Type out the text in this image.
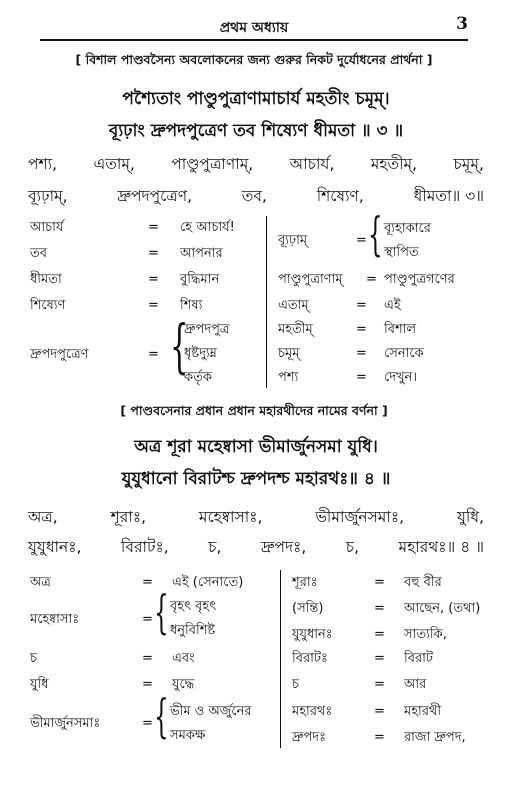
প্রথম অধ্যায়	3
[ বিশাল পাণ্ডবসৈন্য অবলোকনের জন্য গুরুর নিকট দুর্যোধনের প্রার্থনা ]
পশ্যৈতাং পাণ্ডুপুত্রাণামাচার্য মহতীং চমূম্।
ব্যূঢ়াং দ্রুপদপুত্রেণ তব শিষ্যেণ ধীমতা ॥ ৩ ॥
পশ্য, এতাম্, পাণ্ডুপুত্রাণাম্, আচার্য, মহতীম্, চমূম্,
ব্যূঢ়াম্,	দ্রুপদপুত্রেণ,	তব,	শিষ্যেণ,	ধীমতা॥ ৩॥
আচার্য	= হে আচার্য!
তব	= আপনার
ধীমতা	= বুদ্ধিমান
শিষ্যেণ	= শিষ্য
দ্রুপদপুত্রেণ	= {
দ্রুপদপুত্র
ধৃষ্টদ্যুম্ন
কর্তৃক
ব্যূঢ়াম্	= { ব্যূহাকারে
স্থাপিত
পাণ্ডুপুত্রাণাম্ = পাণ্ডুপুত্রগণের
এতাম্	= এই
মহতীম্	= বিশাল
চমূম্	= সেনাকে
পশ্য	= দেখুন।
[ পাণ্ডবসেনার প্রধান প্রধান মহারথীদের নামের বর্ণনা ]
অত্র শূরা মহেষ্বাসা ভীমার্জুনসমা যুধি।
যুযুধানো বিরাটশ্চ দ্রুপদশ্চ মহারথঃ॥ ৪ ॥
অত্র,	শূরাঃ,	মহেষ্বাসাঃ,	ভীমার্জুনসমাঃ,	যুধি,
যুযুধানঃ,	বিরাটঃ,	চ,	দ্রুপদঃ,	চ,	মহারথঃ॥ ৪ ॥
অত্র	= এই (সেনাতে)
মহেষ্বাসাঃ	= { বৃহৎ বৃহৎ
ধনুবিশিষ্ট
চ	= এবং
যুধি	= যুদ্ধে
ভীমার্জুনসমাঃ	= { ভীম ও অর্জুনের
সমকক্ষ
শূরাঃ	= বহু বীর
(সন্তি)	= আছেন, (তথা)
যুযুধানঃ	= সাত্যকি,
বিরাটঃ	= বিরাট
চ	= আর
মহারথঃ	= মহারথী
দ্রুপদঃ	= রাজা দ্রুপদ,
